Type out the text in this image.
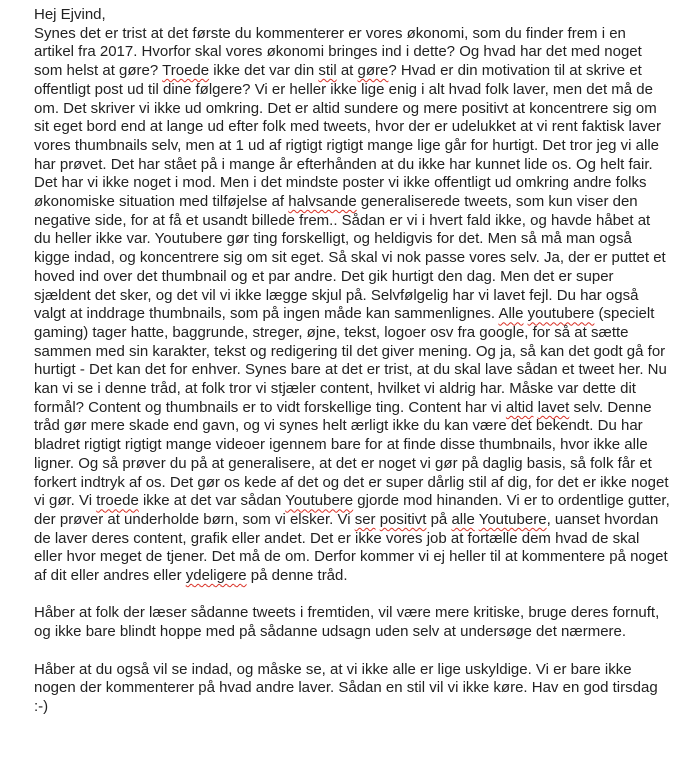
Hej Ejvind,

Synes det er trist at det første du kommenterer er vores økonomi, som du finder frem i en artikel fra 2017. Hvorfor skal vores økonomi bringes ind i dette? Og hvad har det med noget som helst at gøre? Troede ikke det var din stil at gøre? Hvad er din motivation til at skrive et offentligt post ud til dine følgere? Vi er heller ikke lige enig i alt hvad folk laver, men det må de om. Det skriver vi ikke ud omkring. Det er altid sundere og mere positivt at koncentrere sig om sit eget bord end at lange ud efter folk med tweets, hvor der er udelukket at vi rent faktisk laver vores thumbnails selv, men at 1 ud af rigtigt rigtigt mange lige går for hurtigt. Det tror jeg vi alle har prøvet. Det har stået på i mange år efterhånden at du ikke har kunnet lide os. Og helt fair. Det har vi ikke noget i mod. Men i det mindste poster vi ikke offentligt ud omkring andre folks økonomiske situation med tilføjelse af halvsande generaliserede tweets, som kun viser den negative side, for at få et usandt billede frem.. Sådan er vi i hvert fald ikke, og havde håbet at du heller ikke var. Youtubere gør ting forskelligt, og heldigvis for det. Men så må man også kigge indad, og koncentrere sig om sit eget. Så skal vi nok passe vores selv. Ja, der er puttet et hoved ind over det thumbnail og et par andre. Det gik hurtigt den dag. Men det er super sjældent det sker, og det vil vi ikke lægge skjul på. Selvfølgelig har vi lavet fejl. Du har også valgt at inddrage thumbnails, som på ingen måde kan sammenlignes. Alle youtubere (specielt gaming) tager hatte, baggrunde, streger, øjne, tekst, logoer osv fra google, for så at sætte sammen med sin karakter, tekst og redigering til det giver mening. Og ja, så kan det godt gå for hurtigt - Det kan det for enhver. Synes bare at det er trist, at du skal lave sådan et tweet her. Nu kan vi se i denne tråd, at folk tror vi stjæler content, hvilket vi aldrig har. Måske var dette dit formål? Content og thumbnails er to vidt forskellige ting. Content har vi altid lavet selv. Denne tråd gør mere skade end gavn, og vi synes helt ærligt ikke du kan være det bekendt. Du har bladret rigtigt rigtigt mange videoer igennem bare for at finde disse thumbnails, hvor ikke alle ligner. Og så prøver du på at generalisere, at det er noget vi gør på daglig basis, så folk får et forkert indtryk af os. Det gør os kede af det og det er super dårlig stil af dig, for det er ikke noget vi gør. Vi troede ikke at det var sådan Youtubere gjorde mod hinanden. Vi er to ordentlige gutter, der prøver at underholde børn, som vi elsker. Vi ser positivt på alle Youtubere, uanset hvordan de laver deres content, grafik eller andet. Det er ikke vores job at fortælle dem hvad de skal eller hvor meget de tjener. Det må de om. Derfor kommer vi ej heller til at kommentere på noget af dit eller andres eller ydeligere på denne tråd.

Håber at folk der læser sådanne tweets i fremtiden, vil være mere kritiske, bruge deres fornuft, og ikke bare blindt hoppe med på sådanne udsagn uden selv at undersøge det nærmere.

Håber at du også vil se indad, og måske se, at vi ikke alle er lige uskyldige. Vi er bare ikke nogen der kommenterer på hvad andre laver. Sådan en stil vil vi ikke køre. Hav en god tirsdag :-)
